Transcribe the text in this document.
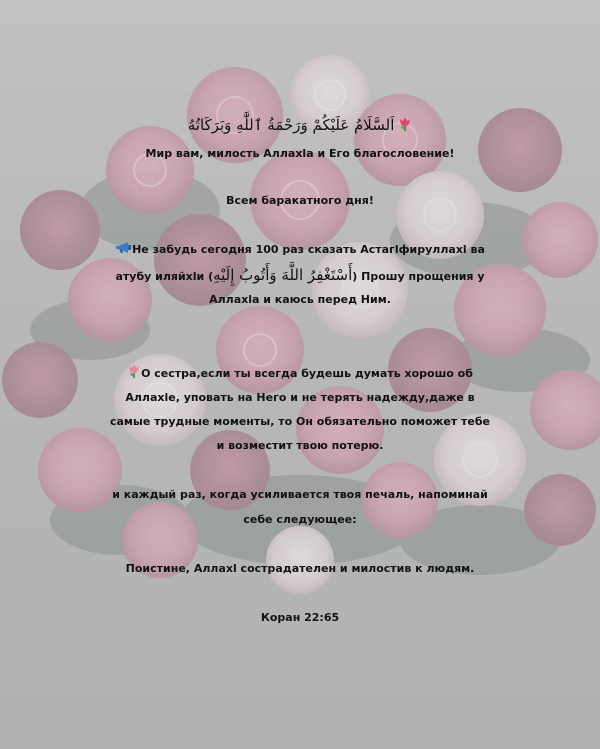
اَلسَّلَامُ عَلَيْكُمْ وَرَحْمَةُ ٱللَّٰهِ وَبَرَكَاتُهُ
Мир вам, милость Аллахlа и Его благословение!
Всем баракатного дня!
Не забудь сегодня 100 раз сказать Астагlфируллахl ва
атубу иляйхlи (أَسْتَغْفِرُ اللَّهَ وَأَتُوبُ إِلَيْهِ) Прошу прощения у
Аллахlа и каюсь перед Ним.
О сестра,если ты всегда будешь думать хорошо об
Аллахlе, уповать на Него и не терять надежду,даже в
самые трудные моменты, то Он обязательно поможет тебе
и возместит твою потерю.
и каждый раз, когда усиливается твоя печаль, напоминай
себе следующее:
Поистине, Аллахl сострадателен и милостив к людям.
Коран 22:65
